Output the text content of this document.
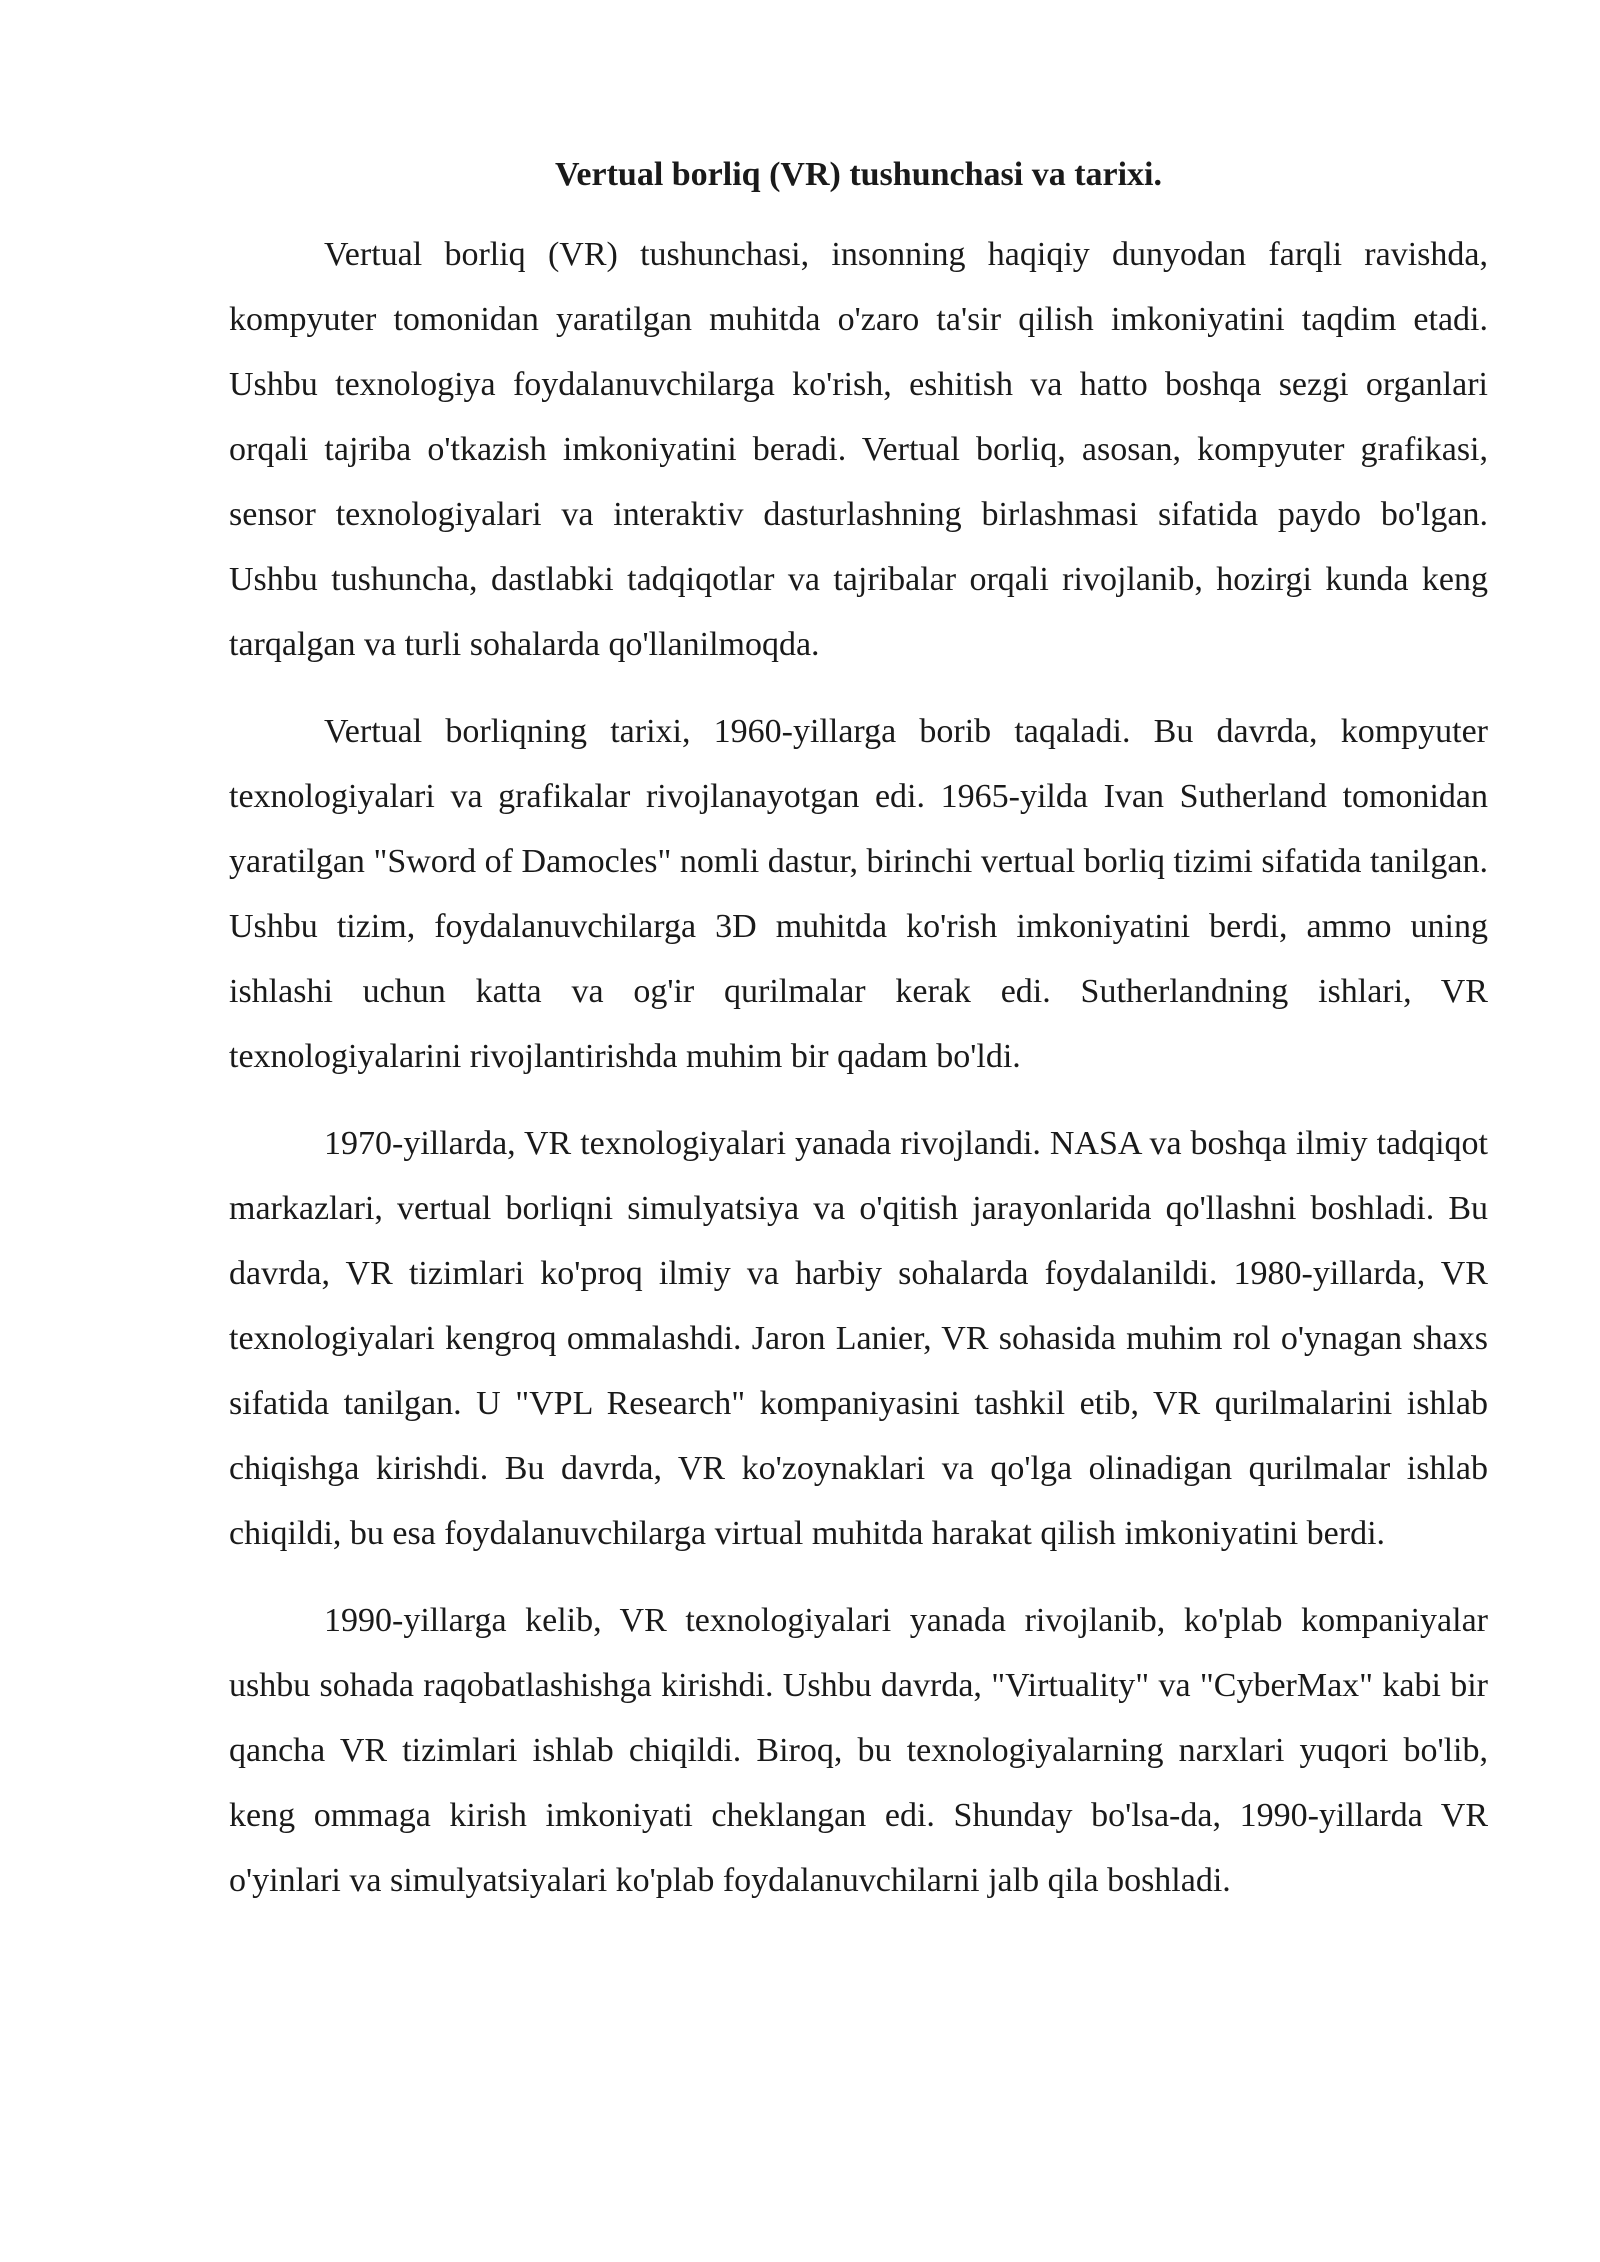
Vertual borliq (VR) tushunchasi va tarixi.

Vertual borliq (VR) tushunchasi, insonning haqiqiy dunyodan farqli ravishda, kompyuter tomonidan yaratilgan muhitda o'zaro ta'sir qilish imkoniyatini taqdim etadi. Ushbu texnologiya foydalanuvchilarga ko'rish, eshitish va hatto boshqa sezgi organlari orqali tajriba o'tkazish imkoniyatini beradi. Vertual borliq, asosan, kompyuter grafikasi, sensor texnologiyalari va interaktiv dasturlashning birlashmasi sifatida paydo bo'lgan. Ushbu tushuncha, dastlabki tadqiqotlar va tajribalar orqali rivojlanib, hozirgi kunda keng tarqalgan va turli sohalarda qo'llanilmoqda.

Vertual borliqning tarixi, 1960-yillarga borib taqaladi. Bu davrda, kompyuter texnologiyalari va grafikalar rivojlanayotgan edi. 1965-yilda Ivan Sutherland tomonidan yaratilgan "Sword of Damocles" nomli dastur, birinchi vertual borliq tizimi sifatida tanilgan. Ushbu tizim, foydalanuvchilarga 3D muhitda ko'rish imkoniyatini berdi, ammo uning ishlashi uchun katta va og'ir qurilmalar kerak edi. Sutherlandning ishlari, VR texnologiyalarini rivojlantirishda muhim bir qadam bo'ldi.

1970-yillarda, VR texnologiyalari yanada rivojlandi. NASA va boshqa ilmiy tadqiqot markazlari, vertual borliqni simulyatsiya va o'qitish jarayonlarida qo'llashni boshladi. Bu davrda, VR tizimlari ko'proq ilmiy va harbiy sohalarda foydalanildi. 1980-yillarda, VR texnologiyalari kengroq ommalashdi. Jaron Lanier, VR sohasida muhim rol o'ynagan shaxs sifatida tanilgan. U "VPL Research" kompaniyasini tashkil etib, VR qurilmalarini ishlab chiqishga kirishdi. Bu davrda, VR ko'zoynaklari va qo'lga olinadigan qurilmalar ishlab chiqildi, bu esa foydalanuvchilarga virtual muhitda harakat qilish imkoniyatini berdi.

1990-yillarga kelib, VR texnologiyalari yanada rivojlanib, ko'plab kompaniyalar ushbu sohada raqobatlashishga kirishdi. Ushbu davrda, "Virtuality" va "CyberMax" kabi bir qancha VR tizimlari ishlab chiqildi. Biroq, bu texnologiyalarning narxlari yuqori bo'lib, keng ommaga kirish imkoniyati cheklangan edi. Shunday bo'lsa-da, 1990-yillarda VR o'yinlari va simulyatsiyalari ko'plab foydalanuvchilarni jalb qila boshladi.
